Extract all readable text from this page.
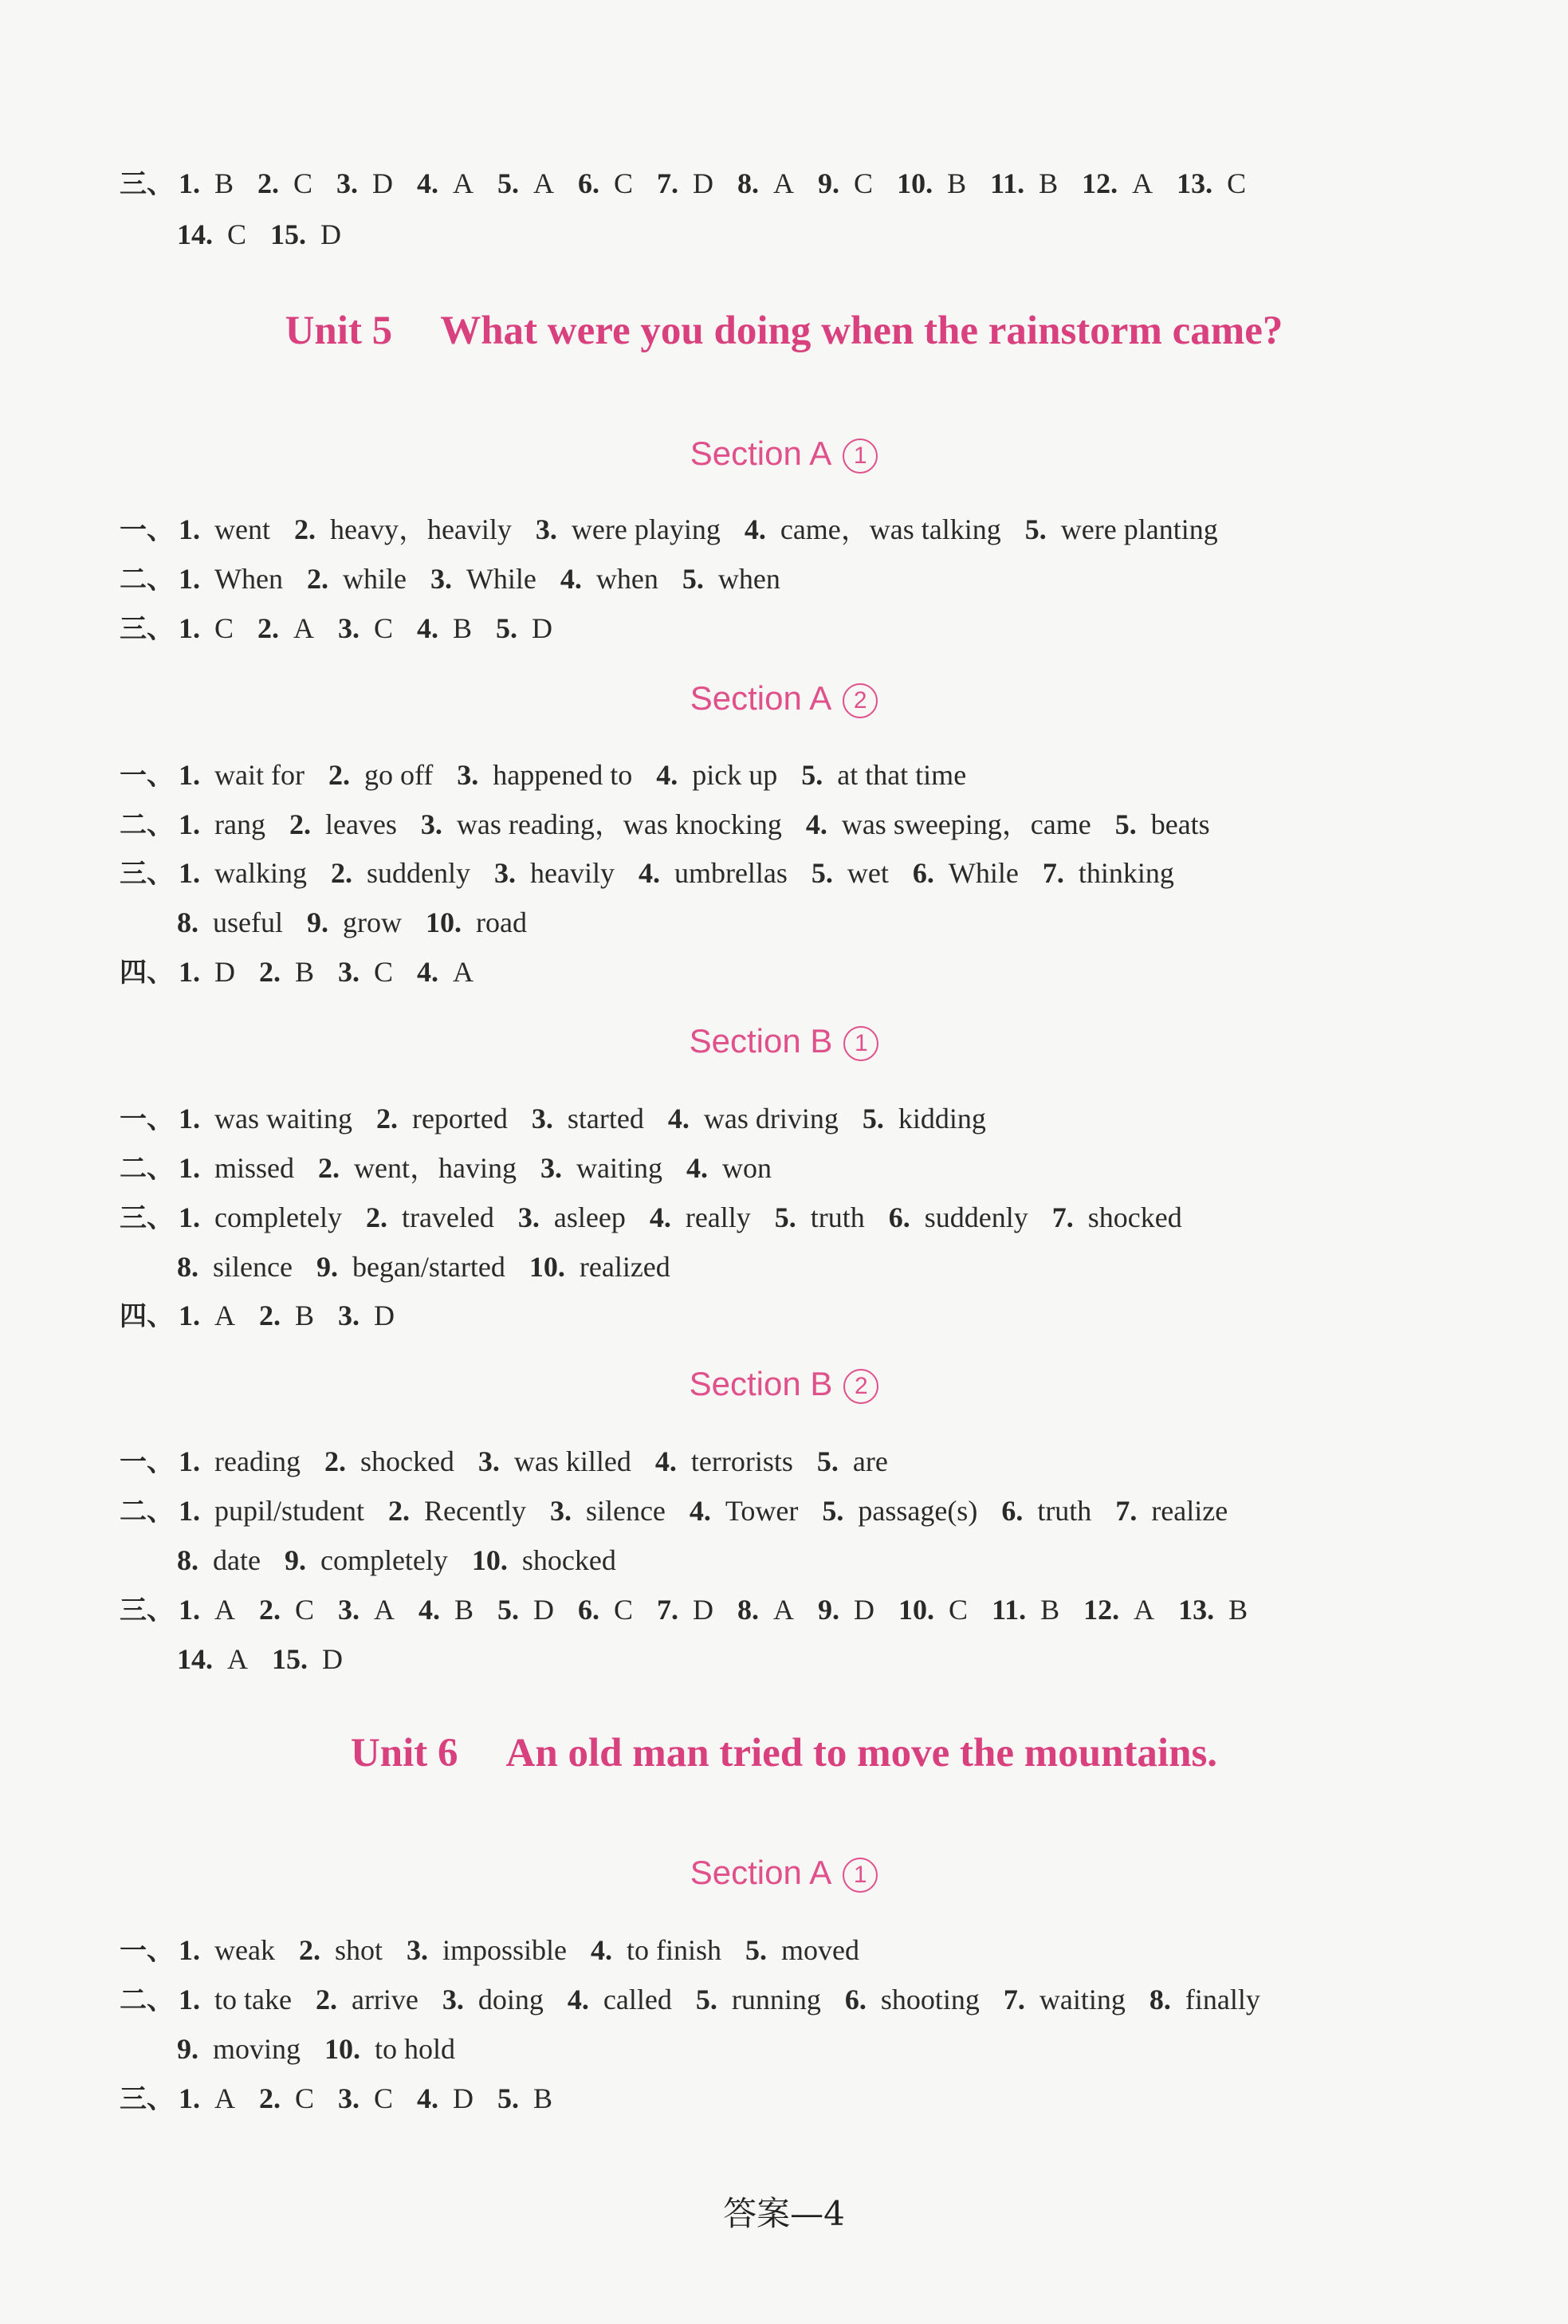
三、 1. B 2. C 3. D 4. A 5. A 6. C 7. D 8. A 9. C 10. B 11. B 12. A 13. C
14. C 15. D
Unit 5 What were you doing when the rainstorm came?
Section A 1
一、 1. went 2. heavy，heavily 3. were playing 4. came，was talking 5. were planting
二、 1. When 2. while 3. While 4. when 5. when
三、 1. C 2. A 3. C 4. B 5. D
Section A 2
一、 1. wait for 2. go off 3. happened to 4. pick up 5. at that time
二、 1. rang 2. leaves 3. was reading，was knocking 4. was sweeping，came 5. beats
三、 1. walking 2. suddenly 3. heavily 4. umbrellas 5. wet 6. While 7. thinking
8. useful 9. grow 10. road
四、 1. D 2. B 3. C 4. A
Section B 1
一、 1. was waiting 2. reported 3. started 4. was driving 5. kidding
二、 1. missed 2. went，having 3. waiting 4. won
三、 1. completely 2. traveled 3. asleep 4. really 5. truth 6. suddenly 7. shocked
8. silence 9. began/started 10. realized
四、 1. A 2. B 3. D
Section B 2
一、 1. reading 2. shocked 3. was killed 4. terrorists 5. are
二、 1. pupil/student 2. Recently 3. silence 4. Tower 5. passage(s) 6. truth 7. realize
8. date 9. completely 10. shocked
三、 1. A 2. C 3. A 4. B 5. D 6. C 7. D 8. A 9. D 10. C 11. B 12. A 13. B
14. A 15. D
Unit 6 An old man tried to move the mountains.
Section A 1
一、 1. weak 2. shot 3. impossible 4. to finish 5. moved
二、 1. to take 2. arrive 3. doing 4. called 5. running 6. shooting 7. waiting 8. finally
9. moving 10. to hold
三、 1. A 2. C 3. C 4. D 5. B
答案—4
